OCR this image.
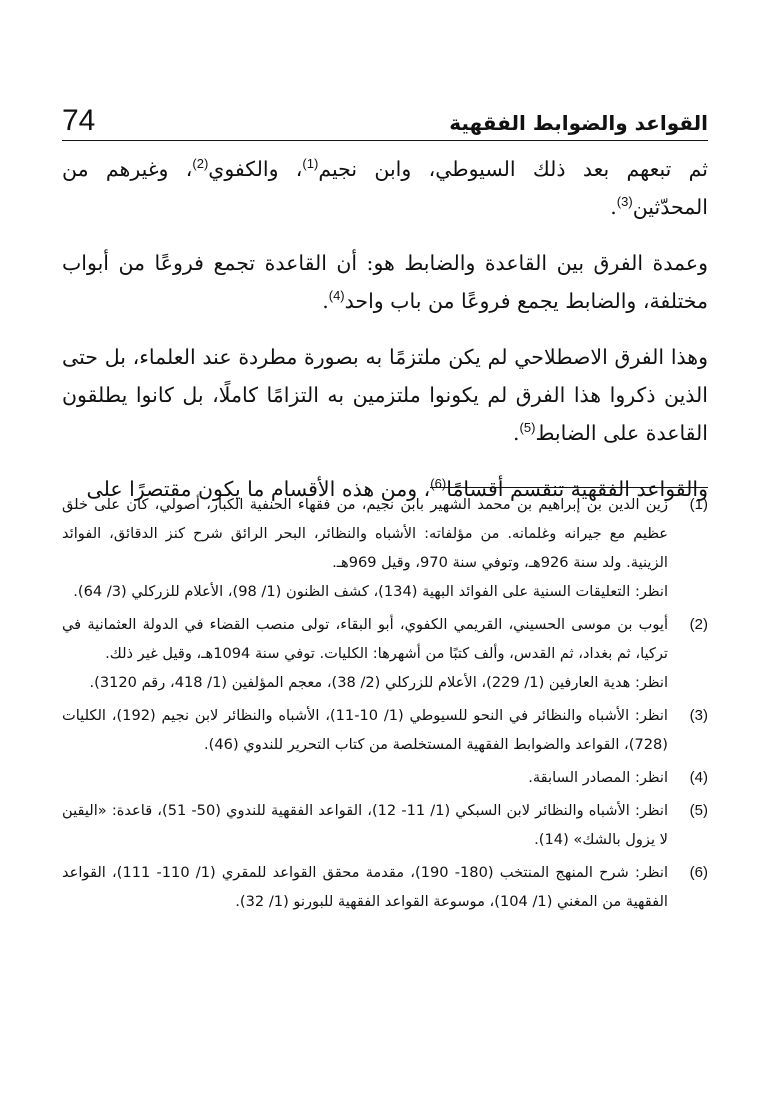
74	القواعد والضوابط الفقهية

ثم تبعهم بعد ذلك السيوطي، وابن نجيم$^{(1)}$، والكفوي$^{(2)}$، وغيرهم من المحدّثين$^{(3)}$.

وعمدة الفرق بين القاعدة والضابط هو: أن القاعدة تجمع فروعًا من أبواب مختلفة، والضابط يجمع فروعًا من باب واحد$^{(4)}$.

وهذا الفرق الاصطلاحي لم يكن ملتزمًا به بصورة مطردة عند العلماء، بل حتى الذين ذكروا هذا الفرق لم يكونوا ملتزمين به التزامًا كاملًا، بل كانوا يطلقون القاعدة على الضابط$^{(5)}$.

والقواعد الفقهية تنقسم أقسامًا$^{(6)}$، ومن هذه الأقسام ما يكون مقتصرًا على

(1)

زين الدين بن إبراهيم بن محمد الشهير بابن نجيم، من فقهاء الحنفية الكبار، أصولي، كان على خلق عظيم مع جيرانه وغلمانه. من مؤلفاته: الأشباه والنظائر، البحر الرائق شرح كنز الدقائق، الفوائد الزينية. ولد سنة 926هـ، وتوفي سنة 970، وقيل 969هـ.

انظر: التعليقات السنية على الفوائد البهية (134)، كشف الظنون (1/ 98)، الأعلام للزركلي (3/ 64).

(2)

أيوب بن موسى الحسيني، القريمي الكفوي، أبو البقاء، تولى منصب القضاء في الدولة العثمانية في تركيا، ثم بغداد، ثم القدس، وألف كتبًا من أشهرها: الكليات. توفي سنة 1094هـ، وقيل غير ذلك.

انظر: هدية العارفين (1/ 229)، الأعلام للزركلي (2/ 38)، معجم المؤلفين (1/ 418، رقم 3120).

(3)

انظر: الأشباه والنظائر في النحو للسيوطي (1/ 10-11)، الأشباه والنظائر لابن نجيم (192)، الكليات (728)، القواعد والضوابط الفقهية المستخلصة من كتاب التحرير للندوي (46).

(4)

انظر: المصادر السابقة.

(5)

انظر: الأشباه والنظائر لابن السبكي (1/ 11- 12)، القواعد الفقهية للندوي (50- 51)، قاعدة: «اليقين لا يزول بالشك» (14).

(6)

انظر: شرح المنهج المنتخب (180- 190)، مقدمة محقق القواعد للمقري (1/ 110- 111)، القواعد الفقهية من المغني (1/ 104)، موسوعة القواعد الفقهية للبورنو (1/ 32).
